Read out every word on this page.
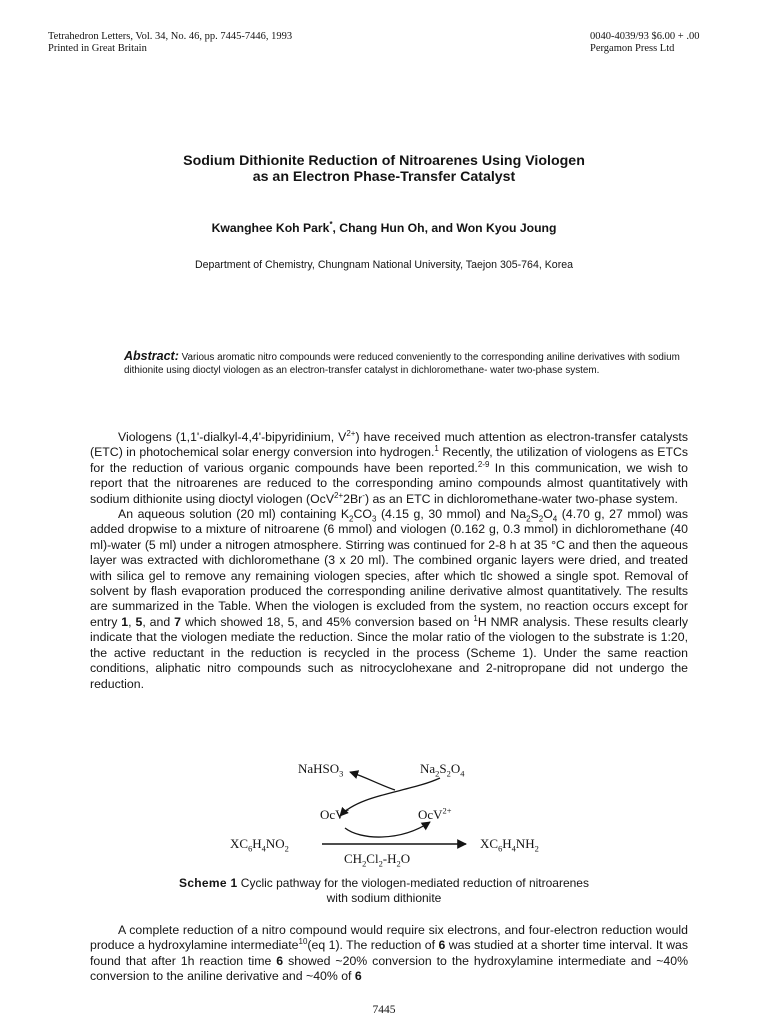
Tetrahedron Letters, Vol. 34, No. 46, pp. 7445-7446, 1993
Printed in Great Britain
0040-4039/93 $6.00 + .00
Pergamon Press Ltd
Sodium Dithionite Reduction of Nitroarenes Using Viologen
as an Electron Phase-Transfer Catalyst
Kwanghee Koh Park*, Chang Hun Oh, and Won Kyou Joung
Department of Chemistry, Chungnam National University, Taejon 305-764, Korea
Abstract: Various aromatic nitro compounds were reduced conveniently to the corresponding aniline derivatives with sodium dithionite using dioctyl viologen as an electron-transfer catalyst in dichloromethane- water two-phase system.

Viologens (1,1'-dialkyl-4,4'-bipyridinium, $V^{2+}$) have received much attention as electron-transfer catalysts (ETC) in photochemical solar energy conversion into hydrogen.$^1$ Recently, the utilization of viologens as ETCs for the reduction of various organic compounds have been reported.$^{2-9}$ In this communication, we wish to report that the nitroarenes are reduced to the corresponding amino compounds almost quantitatively with sodium dithionite using dioctyl viologen (OcV$^{2+}$2Br-) as an ETC in dichloromethane-water two-phase system.

An aqueous solution (20 ml) containing $K_2CO_3$ (4.15 g, 30 mmol) and $Na_2S_2O_4$ (4.70 g, 27 mmol) was added dropwise to a mixture of nitroarene (6 mmol) and viologen (0.162 g, 0.3 mmol) in dichloromethane (40 ml)-water (5 ml) under a nitrogen atmosphere. Stirring was continued for 2-8 h at 35 °C and then the aqueous layer was extracted with dichloromethane (3 x 20 ml). The combined organic layers were dried, and treated with silica gel to remove any remaining viologen species, after which tlc showed a single spot. Removal of solvent by flash evaporation produced the corresponding aniline derivative almost quantitatively. The results are summarized in the Table. When the viologen is excluded from the system, no reaction occurs except for entry 1, 5, and 7 which showed 18, 5, and 45% conversion based on $^1$H NMR analysis. These results clearly indicate that the viologen mediate the reduction. Since the molar ratio of the viologen to the substrate is 1:20, the active reductant in the reduction is recycled in the process (Scheme 1). Under the same reaction conditions, aliphatic nitro compounds such as nitrocyclohexane and 2-nitropropane did not undergo the reduction.

NaHSO$_3$	$Na_2S_2O_4$
OcV+	OcV$^{2+}$
$XC_6H_4NO_2$	$XC_6H_4NH_2$
$CH_2Cl_2-H_2O$
Scheme 1 Cyclic pathway for the viologen-mediated reduction of nitroarenes
with sodium dithionite

A complete reduction of a nitro compound would require six electrons, and four-electron reduction would produce a hydroxylamine intermediate$^{10}$(eq 1). The reduction of 6 was studied at a shorter time interval. It was found that after 1h reaction time 6 showed ~20% conversion to the hydroxylamine intermediate and ~40% conversion to the aniline derivative and ~40% of 6

7445
